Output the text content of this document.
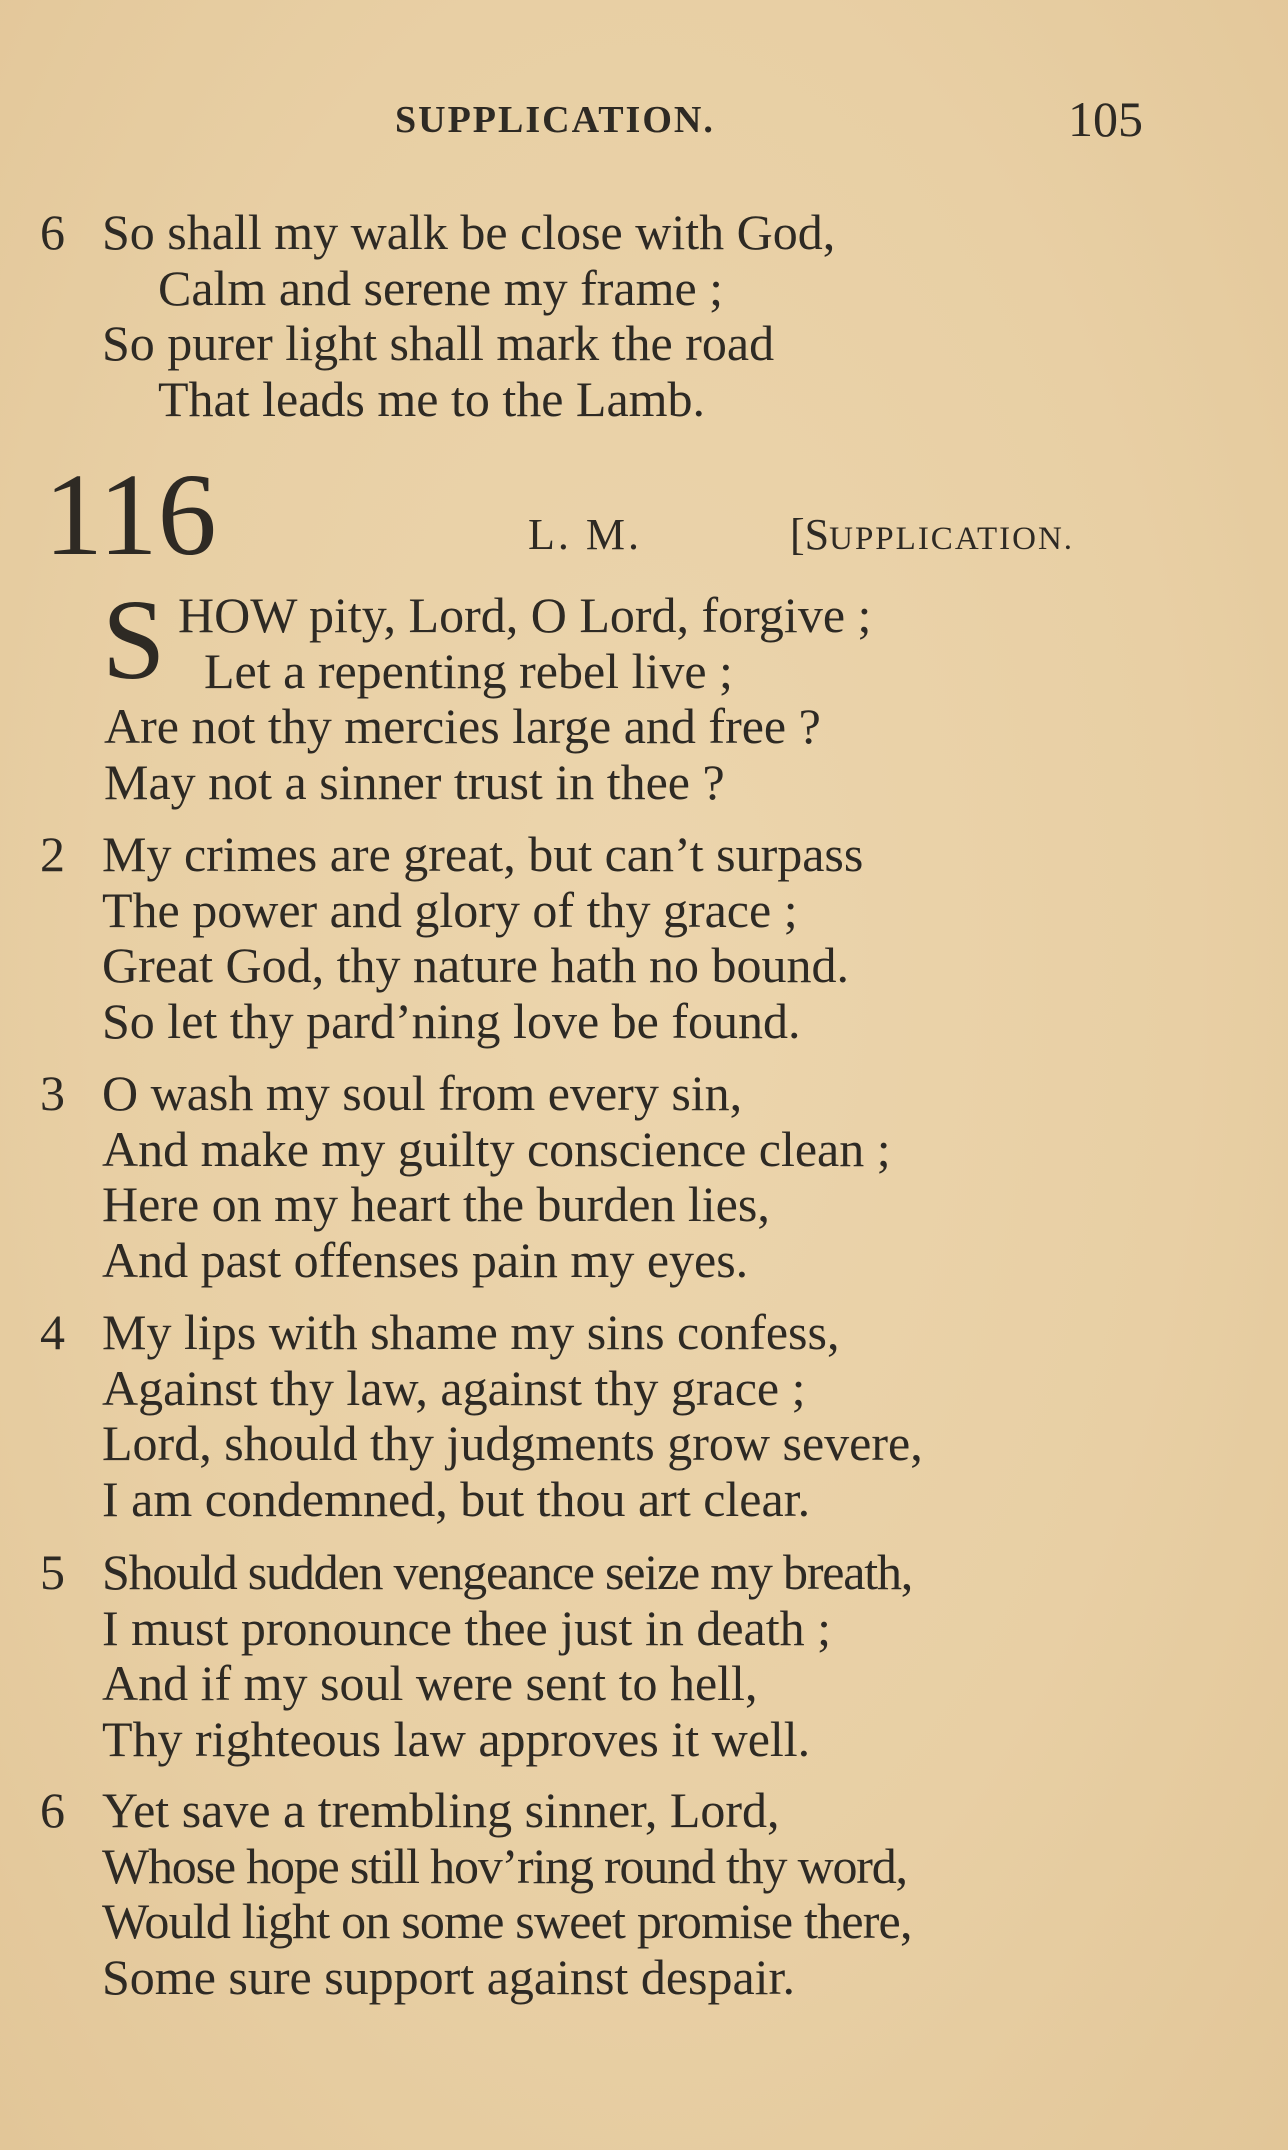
SUPPLICATION.	105
6 So shall my walk be close with God,
Calm and serene my frame ;
So purer light shall mark the road
That leads me to the Lamb.
116	L. M.	[SUPPLICATION.
S HOW pity, Lord, O Lord, forgive ;
Let a repenting rebel live ;
Are not thy mercies large and free ?
May not a sinner trust in thee ?
2 My crimes are great, but can’t surpass
The power and glory of thy grace ;
Great God, thy nature hath no bound.
So let thy pard’ning love be found.
3 O wash my soul from every sin,
And make my guilty conscience clean ;
Here on my heart the burden lies,
And past offenses pain my eyes.
4 My lips with shame my sins confess,
Against thy law, against thy grace ;
Lord, should thy judgments grow severe,
I am condemned, but thou art clear.
5 Should sudden vengeance seize my breath,
I must pronounce thee just in death ;
And if my soul were sent to hell,
Thy righteous law approves it well.
6 Yet save a trembling sinner, Lord,
Whose hope still hov’ring round thy word,
Would light on some sweet promise there,
Some sure support against despair.
